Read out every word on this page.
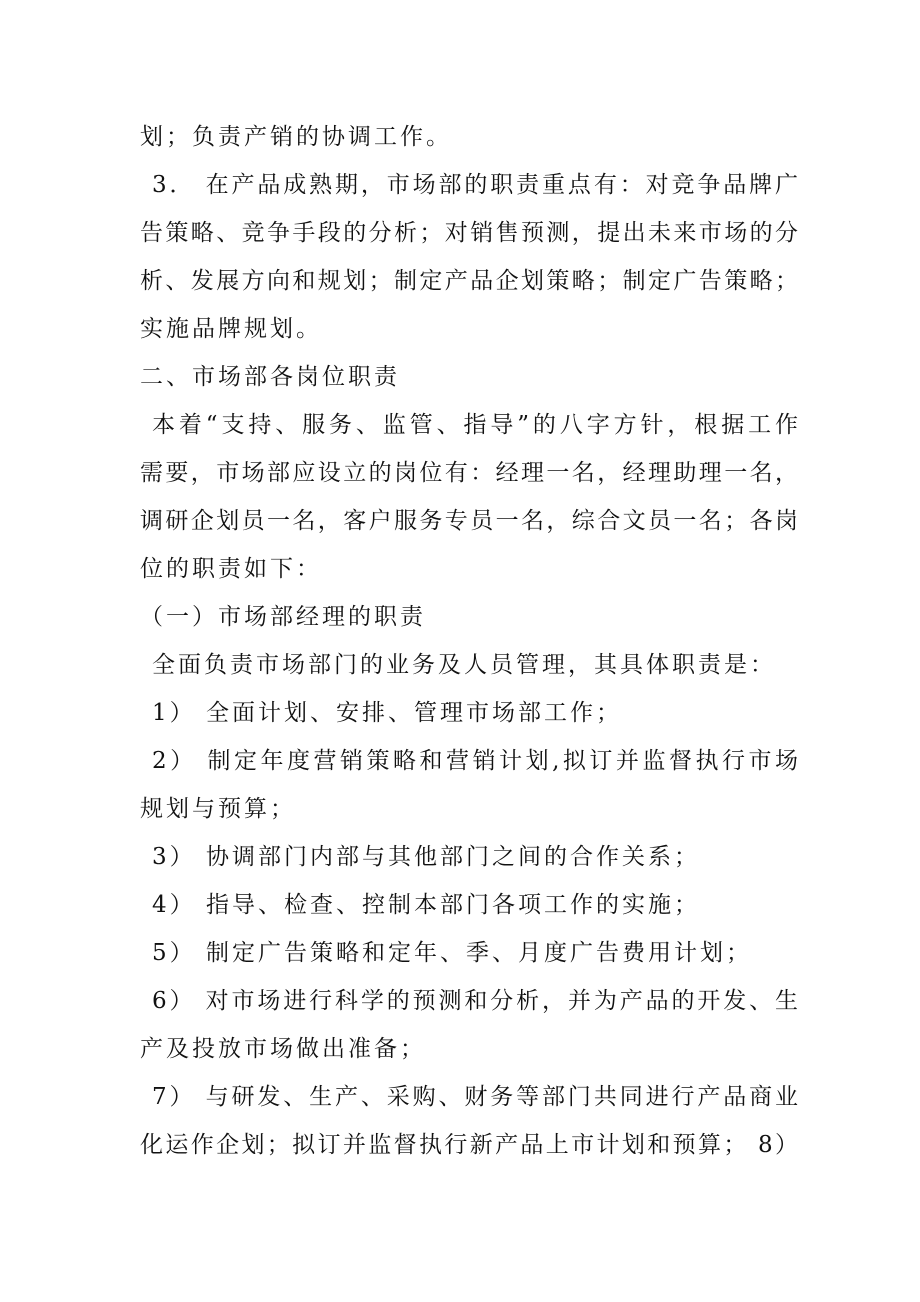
划；负责产销的协调工作。
3． 在产品成熟期，市场部的职责重点有：对竞争品牌广
告策略、竞争手段的分析；对销售预测，提出未来市场的分
析、发展方向和规划；制定产品企划策略；制定广告策略；
实施品牌规划。
二、市场部各岗位职责
本着“支持、服务、监管、指导”的八字方针，根据工作
需要，市场部应设立的岗位有：经理一名，经理助理一名，
调研企划员一名，客户服务专员一名，综合文员一名；各岗
位的职责如下：
（一）市场部经理的职责
全面负责市场部门的业务及人员管理，其具体职责是：
1） 全面计划、安排、管理市场部工作；
2） 制定年度营销策略和营销计划,拟订并监督执行市场
规划与预算；
3） 协调部门内部与其他部门之间的合作关系；
4） 指导、检查、控制本部门各项工作的实施；
5） 制定广告策略和定年、季、月度广告费用计划；
6） 对市场进行科学的预测和分析，并为产品的开发、生
产及投放市场做出准备；
7） 与研发、生产、采购、财务等部门共同进行产品商业
化运作企划；拟订并监督执行新产品上市计划和预算； 8）
